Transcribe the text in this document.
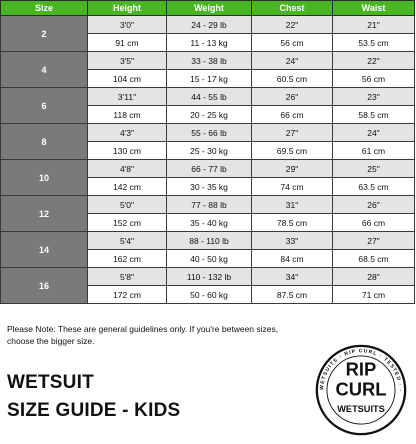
Size	Height	Weight	Chest	Waist
2	3'0"	24 - 29 lb	22"	21"
	91 cm	11 - 13 kg	56 cm	53.5 cm
4	3'5"	33 - 38 lb	24"	22"
	104 cm	15 - 17 kg	60.5 cm	56 cm
6	3'11"	44 - 55 lb	26"	23"
	118 cm	20 - 25 kg	66 cm	58.5 cm
8	4'3"	55 - 66 lb	27"	24"
	130 cm	25 - 30 kg	69.5 cm	61 cm
10	4'8"	66 - 77 lb	29"	25"
	142 cm	30 - 35 kg	74 cm	63.5 cm
12	5'0"	77 - 88 lb	31"	26"
	152 cm	35 - 40 kg	78.5 cm	66 cm
14	5'4"	88 - 110 lb	33"	27"
	162 cm	40 - 50 kg	84 cm	68.5 cm
16	5'8"	110 - 132 lb	34"	28"
	172 cm	50 - 60 kg	87.5 cm	71 cm
Please Note: These are general guidelines only. If you're between sizes, choose the bigger size.
WETSUIT
SIZE GUIDE - KIDS
WETSUITS · RIP CURL · TESTED · ·
RIP
CURL
WETSUITS
